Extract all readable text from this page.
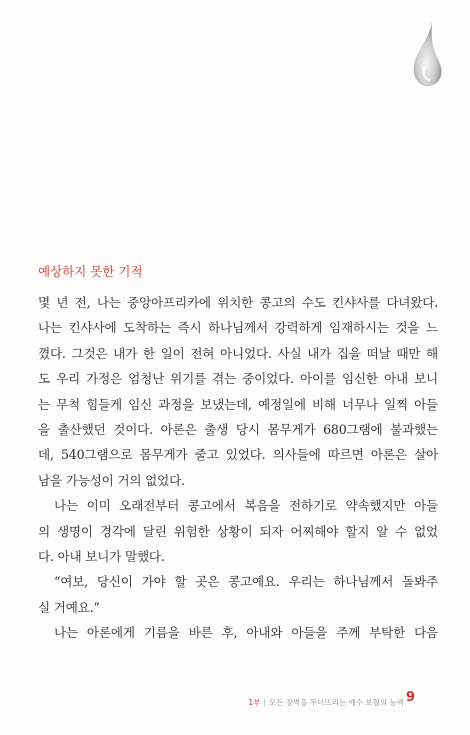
예상하지 못한 기적
몇 년 전, 나는 중앙아프리카에 위치한 콩고의 수도 킨샤사를 다녀왔다.
나는 킨샤사에 도착하는 즉시 하나님께서 강력하게 임재하시는 것을 느
꼈다. 그것은 내가 한 일이 전혀 아니었다. 사실 내가 집을 떠날 때만 해
도 우리 가정은 엄청난 위기를 겪는 중이었다. 아이를 임신한 아내 보니
는 무척 힘들게 임신 과정을 보냈는데, 예정일에 비해 너무나 일찍 아들
을 출산했던 것이다. 아론은 출생 당시 몸무게가 680그램에 불과했는
데, 540그램으로 몸무게가 줄고 있었다. 의사들에 따르면 아론은 살아
남을 가능성이 거의 없었다.
나는 이미 오래전부터 콩고에서 복음을 전하기로 약속했지만 아들
의 생명이 경각에 달린 위험한 상황이 되자 어찌해야 할지 알 수 없었
다. 아내 보니가 말했다.
“여보, 당신이 가야 할 곳은 콩고예요. 우리는 하나님께서 돌봐주
실 거예요.”
나는 아론에게 기름을 바른 후, 아내와 아들을 주께 부탁한 다음
1부 | 모든 장벽을 무너뜨리는 예수 보혈의 능력 9
